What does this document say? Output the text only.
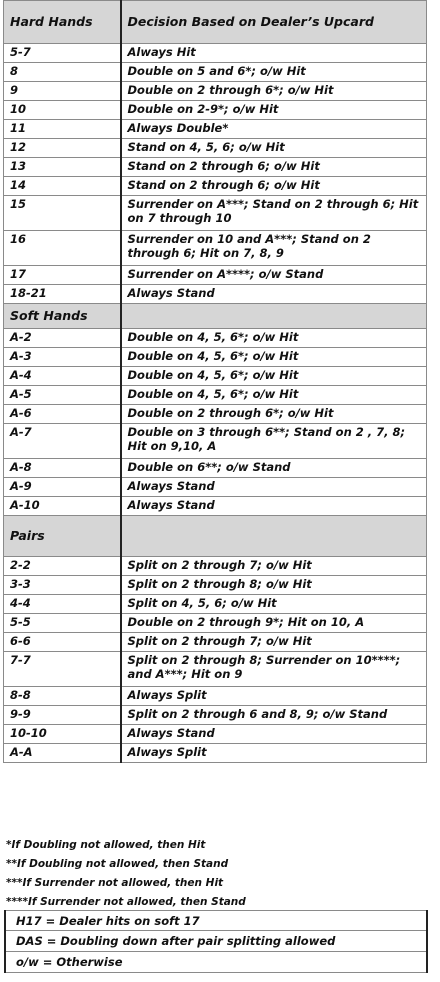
Hard Hands	Decision Based on Dealer’s Upcard
5-7	Always Hit
8	Double on 5 and 6*; o/w Hit
9	Double on 2 through 6*; o/w Hit
10	Double on 2-9*; o/w Hit
11	Always Double*
12	Stand on 4, 5, 6; o/w Hit
13	Stand on 2 through 6; o/w Hit
14	Stand on 2 through 6; o/w Hit
15	Surrender on A***; Stand on 2 through 6; Hit on 7 through 10
16	Surrender on 10 and A***; Stand on 2 through 6; Hit on 7, 8, 9
17	Surrender on A****; o/w Stand
18-21	Always Stand
Soft Hands	
A-2	Double on 4, 5, 6*; o/w Hit
A-3	Double on 4, 5, 6*; o/w Hit
A-4	Double on 4, 5, 6*; o/w Hit
A-5	Double on 4, 5, 6*; o/w Hit
A-6	Double on 2 through 6*; o/w Hit
A-7	Double on 3 through 6**; Stand on 2 , 7, 8; Hit on 9,10, A
A-8	Double on 6**; o/w Stand
A-9	Always Stand
A-10	Always Stand
Pairs	
2-2	Split on 2 through 7; o/w Hit
3-3	Split on 2 through 8; o/w Hit
4-4	Split on 4, 5, 6; o/w Hit
5-5	Double on 2 through 9*; Hit on 10, A
6-6	Split on 2 through 7; o/w Hit
7-7	Split on 2 through 8; Surrender on 10****; and A***; Hit on 9
8-8	Always Split
9-9	Split on 2 through 6 and 8, 9; o/w Stand
10-10	Always Stand
A-A	Always Split

*If Doubling not allowed, then Hit

**If Doubling not allowed, then Stand

***If Surrender not allowed, then Hit

****If Surrender not allowed, then Stand

H17 = Dealer hits on soft 17
DAS = Doubling down after pair splitting allowed
o/w = Otherwise
